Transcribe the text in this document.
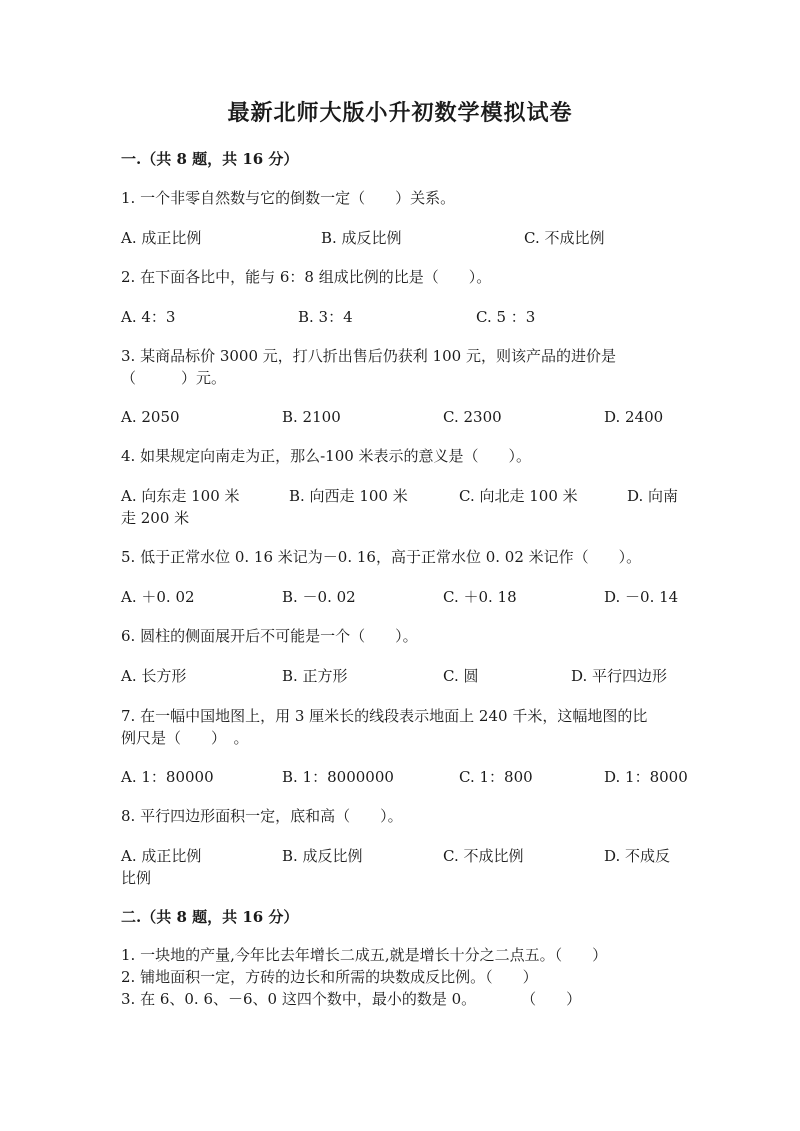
最新北师大版小升初数学模拟试卷
一.（共 8 题，共 16 分）
1. 一个非零自然数与它的倒数一定（　　）关系。
A. 成正比例	B. 成反比例	C. 不成比例
2. 在下面各比中，能与 6：8 组成比例的比是（　　）。
A. 4：3	B. 3：4	C. 5 ：3
3. 某商品标价 3000 元，打八折出售后仍获利 100 元，则该产品的进价是
（　　　）元。
A. 2050	B. 2100	C. 2300	D. 2400
4. 如果规定向南走为正，那么-100 米表示的意义是（　　）。
A. 向东走 100 米	B. 向西走 100 米	C. 向北走 100 米	D. 向南
走 200 米
5. 低于正常水位 0. 16 米记为－0. 16，高于正常水位 0. 02 米记作（　　）。
A. ＋0. 02	B. －0. 02	C. ＋0. 18	D. －0. 14
6. 圆柱的侧面展开后不可能是一个（　　）。
A. 长方形	B. 正方形	C. 圆	D. 平行四边形
7. 在一幅中国地图上，用 3 厘米长的线段表示地面上 240 千米，这幅地图的比
例尺是（　　）　。
A. 1：80000	B. 1：8000000	C. 1：800	D. 1：8000
8. 平行四边形面积一定，底和高（　　）。
A. 成正比例	B. 成反比例	C. 不成比例	D. 不成反
比例
二.（共 8 题，共 16 分）
1. 一块地的产量,今年比去年增长二成五,就是增长十分之二点五。（　　）
2. 铺地面积一定，方砖的边长和所需的块数成反比例。（　　）
3. 在 6、0. 6、－6、0 这四个数中，最小的数是 0。　　　　（　　）
